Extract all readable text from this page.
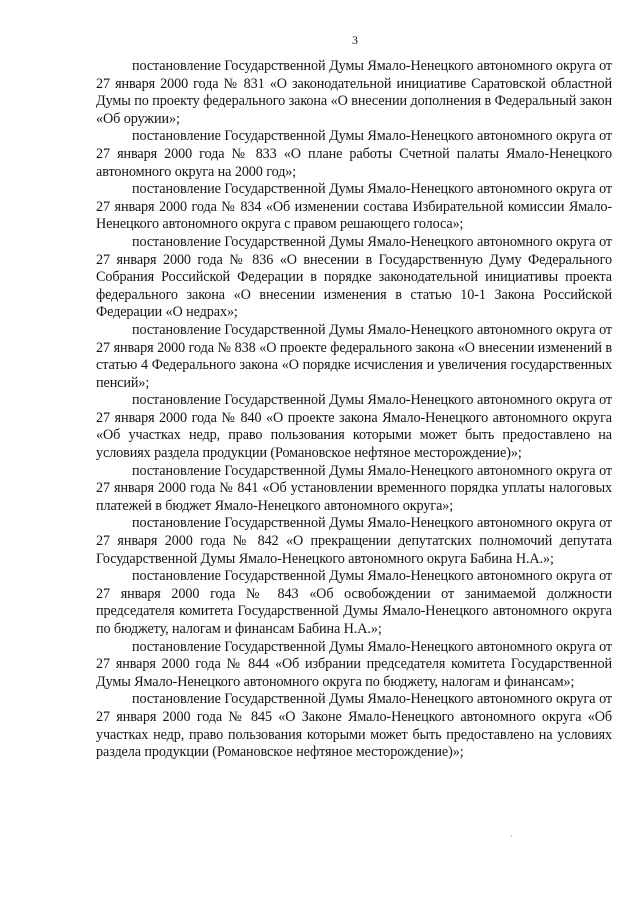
3

постановление Государственной Думы Ямало-Ненецкого автономного округа от 27 января 2000 года № 831 «О законодательной инициативе Саратовской областной Думы по проекту федерального закона «О внесении дополнения в Федеральный закон «Об оружии»;

постановление Государственной Думы Ямало-Ненецкого автономного округа от 27 января 2000 года № 833 «О плане работы Счетной палаты Ямало-Ненецкого автономного округа на 2000 год»;

постановление Государственной Думы Ямало-Ненецкого автономного округа от 27 января 2000 года № 834 «Об изменении состава Избирательной комиссии Ямало-Ненецкого автономного округа с правом решающего голоса»;

постановление Государственной Думы Ямало-Ненецкого автономного округа от 27 января 2000 года № 836 «О внесении в Государственную Думу Федерального Собрания Российской Федерации в порядке законодательной инициативы проекта федерального закона «О внесении изменения в статью 10-1 Закона Российской Федерации «О недрах»;

постановление Государственной Думы Ямало-Ненецкого автономного округа от 27 января 2000 года № 838 «О проекте федерального закона «О внесении изменений в статью 4 Федерального закона «О порядке исчисления и увеличения государственных пенсий»;

постановление Государственной Думы Ямало-Ненецкого автономного округа от 27 января 2000 года № 840 «О проекте закона Ямало-Ненецкого автономного округа «Об участках недр, право пользования которыми может быть предоставлено на условиях раздела продукции (Романовское нефтяное месторождение)»;

постановление Государственной Думы Ямало-Ненецкого автономного округа от 27 января 2000 года № 841 «Об установлении временного порядка уплаты налоговых платежей в бюджет Ямало-Ненецкого автономного округа»;

постановление Государственной Думы Ямало-Ненецкого автономного округа от 27 января 2000 года № 842 «О прекращении депутатских полномочий депутата Государственной Думы Ямало-Ненецкого автономного округа Бабина Н.А.»;

постановление Государственной Думы Ямало-Ненецкого автономного округа от 27 января 2000 года № 843 «Об освобождении от занимаемой должности председателя комитета Государственной Думы Ямало-Ненецкого автономного округа по бюджету, налогам и финансам Бабина Н.А.»;

постановление Государственной Думы Ямало-Ненецкого автономного округа от 27 января 2000 года № 844 «Об избрании председателя комитета Государственной Думы Ямало-Ненецкого автономного округа по бюджету, налогам и финансам»;

постановление Государственной Думы Ямало-Ненецкого автономного округа от 27 января 2000 года № 845 «О Законе Ямало-Ненецкого автономного округа «Об участках недр, право пользования которыми может быть предоставлено на условиях раздела продукции (Романовское нефтяное месторождение)»;

·
